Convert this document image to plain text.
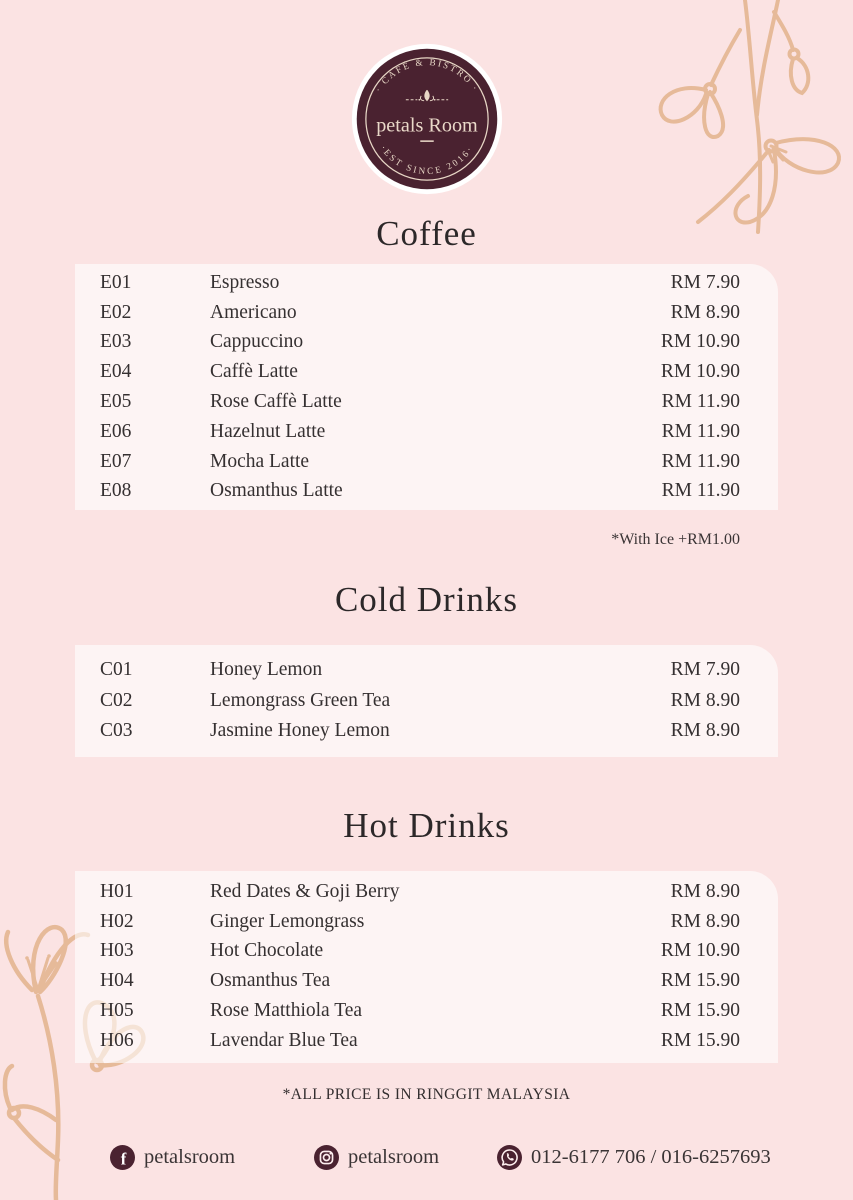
· CAFÉ & BISTRO ·
petals Room
·EST SINCE 2016·
Coffee
E01	Espresso	RM 7.90
E02	Americano	RM 8.90
E03	Cappuccino	RM 10.90
E04	Caffè Latte	RM 10.90
E05	Rose Caffè Latte	RM 11.90
E06	Hazelnut Latte	RM 11.90
E07	Mocha Latte	RM 11.90
E08	Osmanthus Latte	RM 11.90
*With Ice +RM1.00
Cold Drinks
C01	Honey Lemon	RM 7.90
C02	Lemongrass Green Tea	RM 8.90
C03	Jasmine Honey Lemon	RM 8.90
Hot Drinks
H01	Red Dates & Goji Berry	RM 8.90
H02	Ginger Lemongrass	RM 8.90
H03	Hot Chocolate	RM 10.90
H04	Osmanthus Tea	RM 15.90
H05	Rose Matthiola Tea	RM 15.90
H06	Lavendar Blue Tea	RM 15.90
*ALL PRICE IS IN RINGGIT MALAYSIA
f petalsroom	petalsroom	012-6177 706 / 016-6257693
